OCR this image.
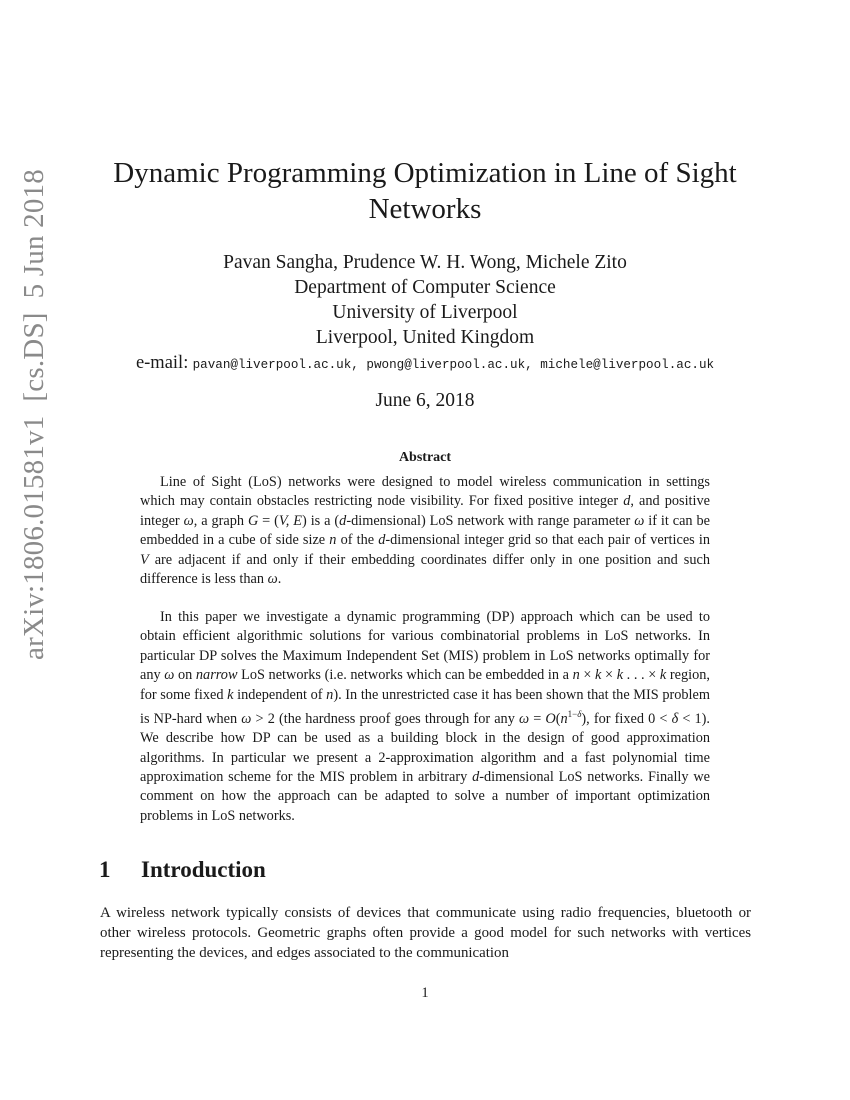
arXiv:1806.01581v1[cs.DS]5 Jun 2018	Dynamic Programming Optimization in Line of Sight Networks
Pavan Sangha, Prudence W. H. Wong, Michele Zito
Department of Computer Science
University of Liverpool
Liverpool, United Kingdom
e-mail: pavan@liverpool.ac.uk, pwong@liverpool.ac.uk, michele@liverpool.ac.uk
June 6, 2018
Abstract

Line of Sight (LoS) networks were designed to model wireless communication in settings which may contain obstacles restricting node visibility. For fixed positive integer d, and positive integer ω, a graph G = (V, E) is a (d-dimensional) LoS network with range parameter ω if it can be embedded in a cube of side size n of the d-dimensional integer grid so that each pair of vertices in V are adjacent if and only if their embedding coordinates differ only in one position and such difference is less than ω.

In this paper we investigate a dynamic programming (DP) approach which can be used to obtain efficient algorithmic solutions for various combinatorial problems in LoS networks. In particular DP solves the Maximum Independent Set (MIS) problem in LoS networks optimally for any ω on narrow LoS networks (i.e. networks which can be embedded in a n × k × k . . . × k region, for some fixed k independent of n). In the unrestricted case it has been shown that the MIS problem is NP-hard when ω > 2 (the hardness proof goes through for any $\omega = O(n^{1-\delta})$, for fixed 0 < δ < 1). We describe how DP can be used as a building block in the design of good approximation algorithms. In particular we present a 2-approximation algorithm and a fast polynomial time approximation scheme for the MIS problem in arbitrary d-dimensional LoS networks. Finally we comment on how the approach can be adapted to solve a number of important optimization problems in LoS networks.

1 Introduction

A wireless network typically consists of devices that communicate using radio frequencies, bluetooth or other wireless protocols. Geometric graphs often provide a good model for such networks with vertices representing the devices, and edges associated to the communication

1
